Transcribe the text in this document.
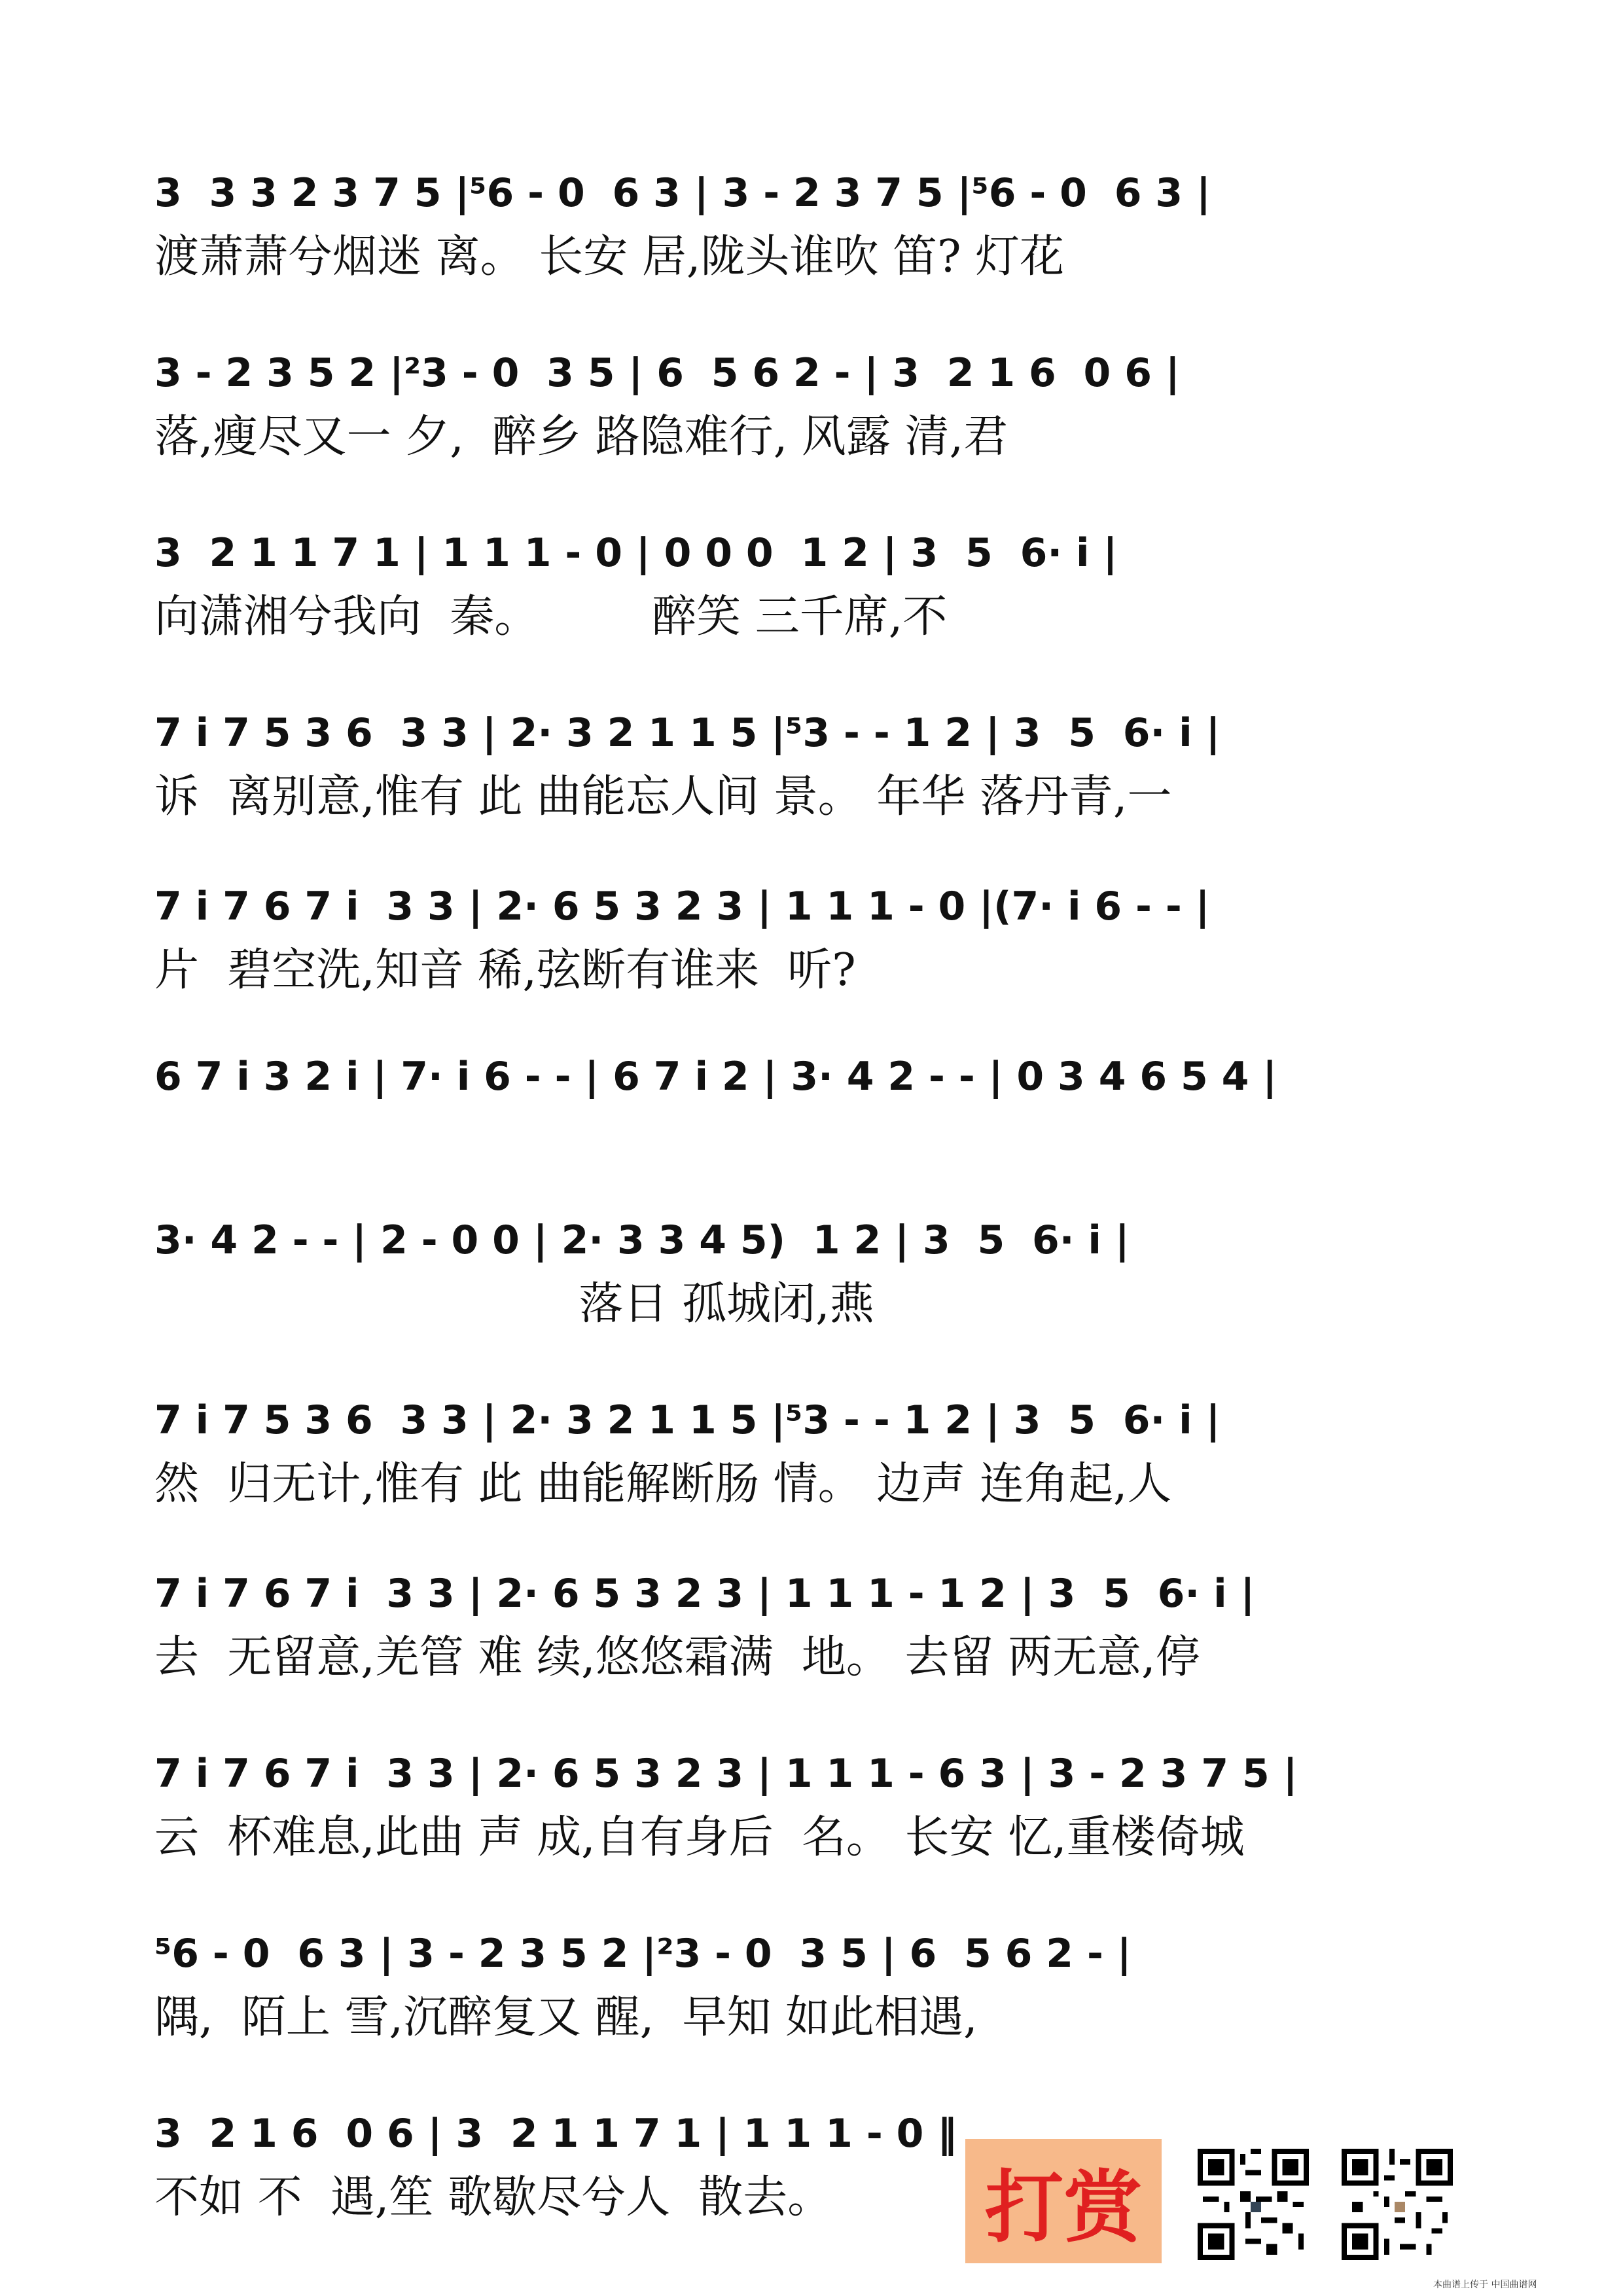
3  3 3 2 3 7 5 |⁵6 - 0  6 3 | 3 - 2 3 7 5 |⁵6 - 0  6 3 |
渡萧萧兮烟迷 离。 长安 居,陇头谁吹 笛? 灯花
3 - 2 3 5 2 |²3 - 0  3 5 | 6  5 6 2 - | 3  2 1 6  0 6 |
落,瘦尽又一 夕,  醉乡 路隐难行, 风露 清,君
3  2 1 1 7 1 | 1 1 1 - 0 | 0 0 0  1 2 | 3  5  6· i |
向潇湘兮我向  秦。        醉笑 三千席,不
7 i 7 5 3 6  3 3 | 2· 3 2 1 1 5 |⁵3 - - 1 2 | 3  5  6· i |
诉  离别意,惟有 此 曲能忘人间 景。 年华 落丹青,一
7 i 7 6 7 i  3 3 | 2· 6 5 3 2 3 | 1 1 1 - 0 |(7· i 6 - - |
片  碧空洗,知音 稀,弦断有谁来  听?
6 7 i 3 2 i | 7· i 6 - - | 6 7 i 2 | 3· 4 2 - - | 0 3 4 6 5 4 |
3· 4 2 - - | 2 - 0 0 | 2· 3 3 4 5)  1 2 | 3  5  6· i |
落日 孤城闭,燕
7 i 7 5 3 6  3 3 | 2· 3 2 1 1 5 |⁵3 - - 1 2 | 3  5  6· i |
然  归无计,惟有 此 曲能解断肠 情。 边声 连角起,人
7 i 7 6 7 i  3 3 | 2· 6 5 3 2 3 | 1 1 1 - 1 2 | 3  5  6· i |
去  无留意,羌管 难 续,悠悠霜满  地。 去留 两无意,停
7 i 7 6 7 i  3 3 | 2· 6 5 3 2 3 | 1 1 1 - 6 3 | 3 - 2 3 7 5 |
云  杯难息,此曲 声 成,自有身后  名。 长安 忆,重楼倚城
⁵6 - 0  6 3 | 3 - 2 3 5 2 |²3 - 0  3 5 | 6  5 6 2 - |
隅,  陌上 雪,沉醉复又 醒,  早知 如此相遇,
3  2 1 6  0 6 | 3  2 1 1 7 1 | 1 1 1 - 0 ‖
不如 不  遇,笙 歌歇尽兮人  散去。	打赏
本曲谱上传于 中国曲谱网
